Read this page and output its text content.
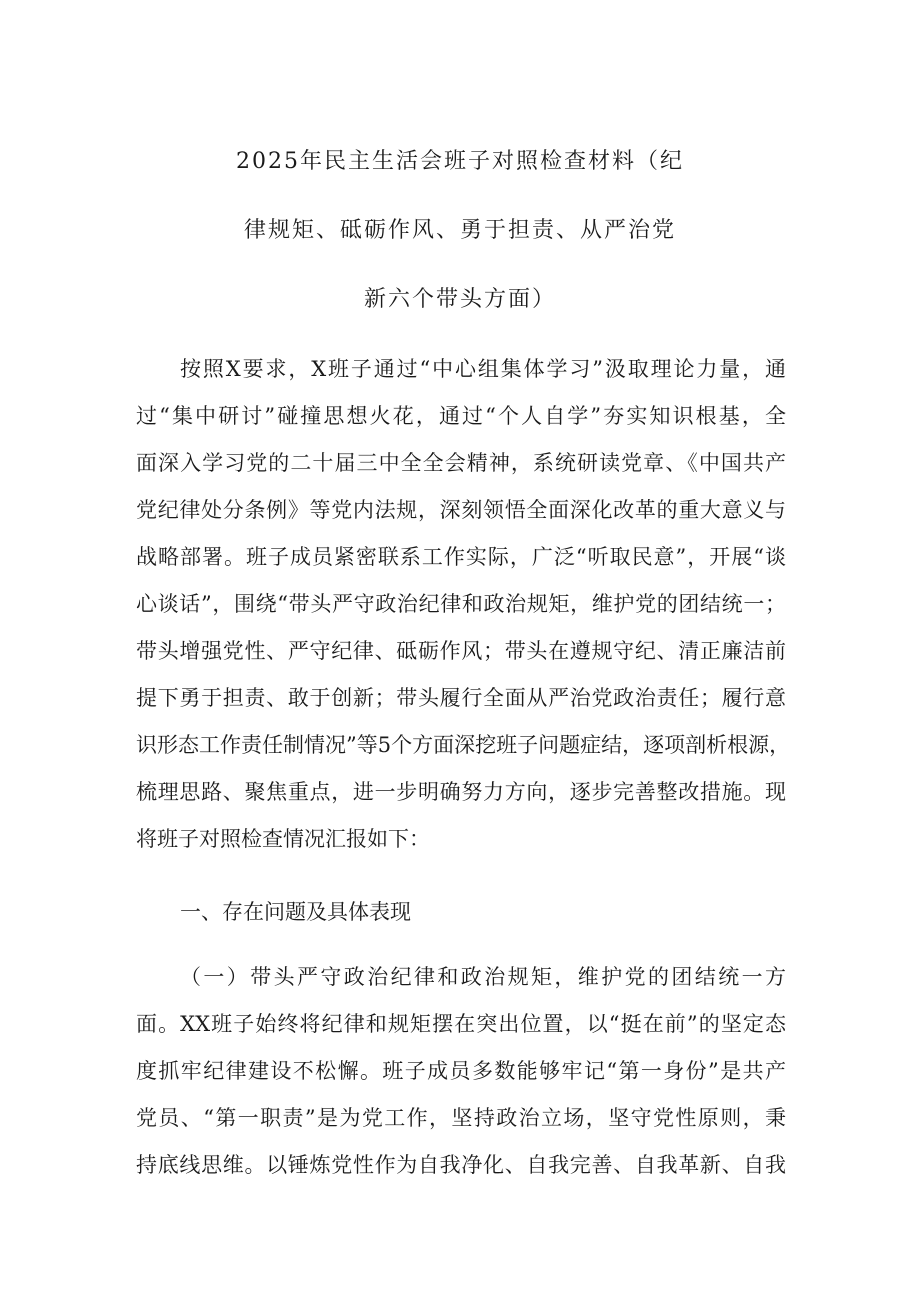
2025年民主生活会班子对照检查材料（纪
律规矩、砥砺作风、勇于担责、从严治党
新六个带头方面）
按照X要求，X班子通过“中心组集体学习”汲取理论力量，通
过“集中研讨”碰撞思想火花，通过“个人自学”夯实知识根基，全
面深入学习党的二十届三中全全会精神，系统研读党章、《中国共产
党纪律处分条例》等党内法规，深刻领悟全面深化改革的重大意义与
战略部署。班子成员紧密联系工作实际，广泛“听取民意”，开展“谈
心谈话”，围绕“带头严守政治纪律和政治规矩，维护党的团结统一；
带头增强党性、严守纪律、砥砺作风；带头在遵规守纪、清正廉洁前
提下勇于担责、敢于创新；带头履行全面从严治党政治责任；履行意
识形态工作责任制情况”等5个方面深挖班子问题症结，逐项剖析根源，
梳理思路、聚焦重点，进一步明确努力方向，逐步完善整改措施。现
将班子对照检查情况汇报如下：
一、存在问题及具体表现
（一）带头严守政治纪律和政治规矩，维护党的团结统一方
面。XX班子始终将纪律和规矩摆在突出位置，以“挺在前”的坚定态
度抓牢纪律建设不松懈。班子成员多数能够牢记“第一身份”是共产
党员、“第一职责”是为党工作，坚持政治立场，坚守党性原则，秉
持底线思维。以锤炼党性作为自我净化、自我完善、自我革新、自我
